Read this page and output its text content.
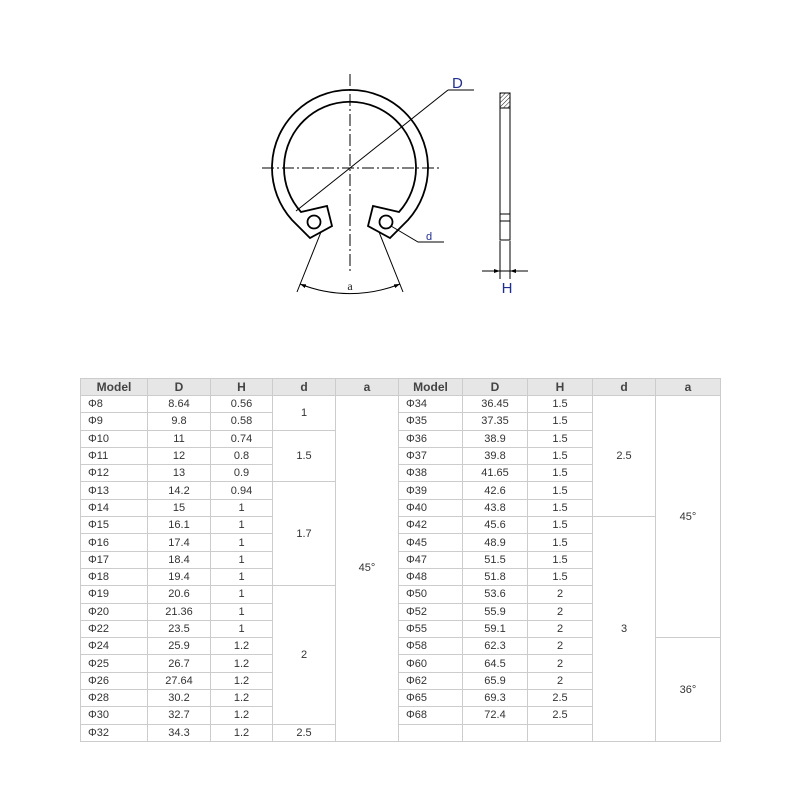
D
a
d
H
Model	D	H	d	a	Model	D	H	d	a
Φ8	8.64	0.56	1	45°	Φ34	36.45	1.5	2.5	45°
Φ9	9.8	0.58			Φ35	37.35	1.5		
Φ10	11	0.74	1.5		Φ36	38.9	1.5		
Φ11	12	0.8			Φ37	39.8	1.5		
Φ12	13	0.9			Φ38	41.65	1.5		
Φ13	14.2	0.94	1.7		Φ39	42.6	1.5		
Φ14	15	1			Φ40	43.8	1.5		
Φ15	16.1	1			Φ42	45.6	1.5	3	
Φ16	17.4	1			Φ45	48.9	1.5		
Φ17	18.4	1			Φ47	51.5	1.5		
Φ18	19.4	1			Φ48	51.8	1.5		
Φ19	20.6	1	2		Φ50	53.6	2		
Φ20	21.36	1			Φ52	55.9	2		
Φ22	23.5	1			Φ55	59.1	2		
Φ24	25.9	1.2			Φ58	62.3	2		36°
Φ25	26.7	1.2			Φ60	64.5	2		
Φ26	27.64	1.2			Φ62	65.9	2		
Φ28	30.2	1.2			Φ65	69.3	2.5		
Φ30	32.7	1.2			Φ68	72.4	2.5		
Φ32	34.3	1.2	2.5						
